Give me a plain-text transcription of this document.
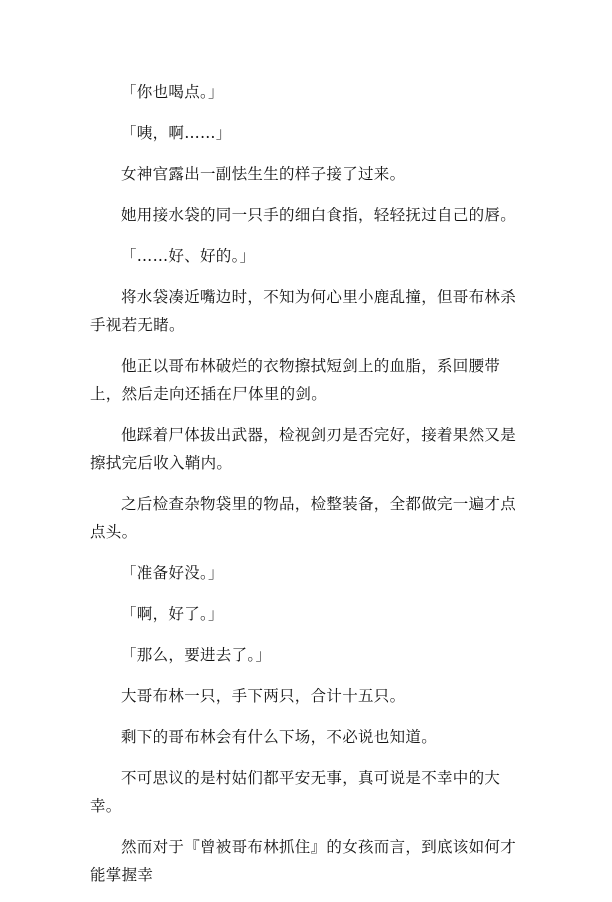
「你也喝点。」

「咦，啊……」

女神官露出一副怯生生的样子接了过来。

她用接水袋的同一只手的细白食指，轻轻抚过自己的唇。

「……好、好的。」

将水袋凑近嘴边时，不知为何心里小鹿乱撞，但哥布林杀手视若无睹。

他正以哥布林破烂的衣物擦拭短剑上的血脂，系回腰带上，然后走向还插在尸体里的剑。

他踩着尸体拔出武器，检视剑刃是否完好，接着果然又是擦拭完后收入鞘内。

之后检查杂物袋里的物品，检整装备，全都做完一遍才点点头。

「准备好没。」

「啊，好了。」

「那么，要进去了。」

大哥布林一只，手下两只，合计十五只。

剩下的哥布林会有什么下场，不必说也知道。

不可思议的是村姑们都平安无事，真可说是不幸中的大幸。

然而对于『曾被哥布林抓住』的女孩而言，到底该如何才能掌握幸
